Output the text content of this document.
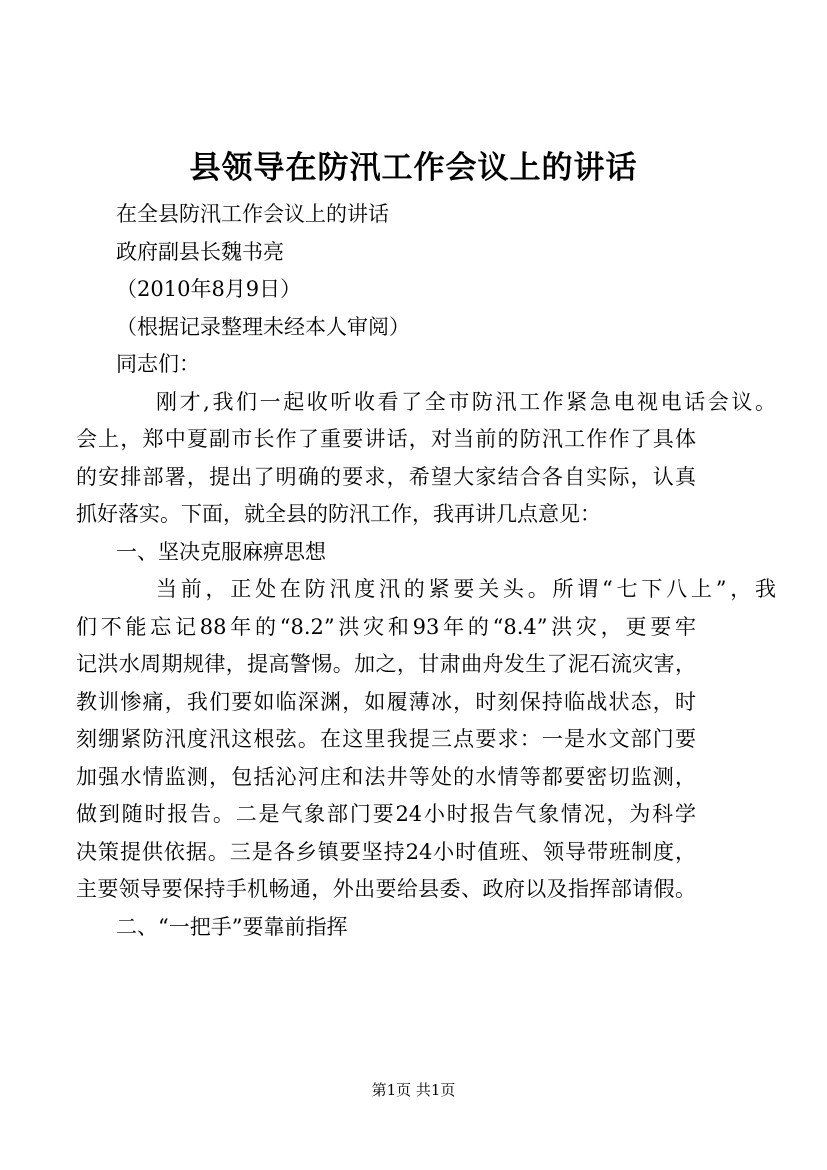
县领导在防汛工作会议上的讲话
在全县防汛工作会议上的讲话
政府副县长魏书亮
（2010年8月9日）
（根据记录整理未经本人审阅）
同志们：
刚才,我们一起收听收看了全市防汛工作紧急电视电话会议。
会上，郑中夏副市长作了重要讲话，对当前的防汛工作作了具体
的安排部署，提出了明确的要求，希望大家结合各自实际，认真
抓好落实。下面，就全县的防汛工作，我再讲几点意见：
一、坚决克服麻痹思想
当前，正处在防汛度汛的紧要关头。所谓“七下八上”，我
们不能忘记88年的“8.2”洪灾和93年的“8.4”洪灾，更要牢
记洪水周期规律，提高警惕。加之，甘肃曲舟发生了泥石流灾害，
教训惨痛，我们要如临深渊，如履薄冰，时刻保持临战状态，时
刻绷紧防汛度汛这根弦。在这里我提三点要求：一是水文部门要
加强水情监测，包括沁河庄和法井等处的水情等都要密切监测，
做到随时报告。二是气象部门要24小时报告气象情况，为科学
决策提供依据。三是各乡镇要坚持24小时值班、领导带班制度，
主要领导要保持手机畅通，外出要给县委、政府以及指挥部请假。
二、“一把手”要靠前指挥
第1页 共1页
